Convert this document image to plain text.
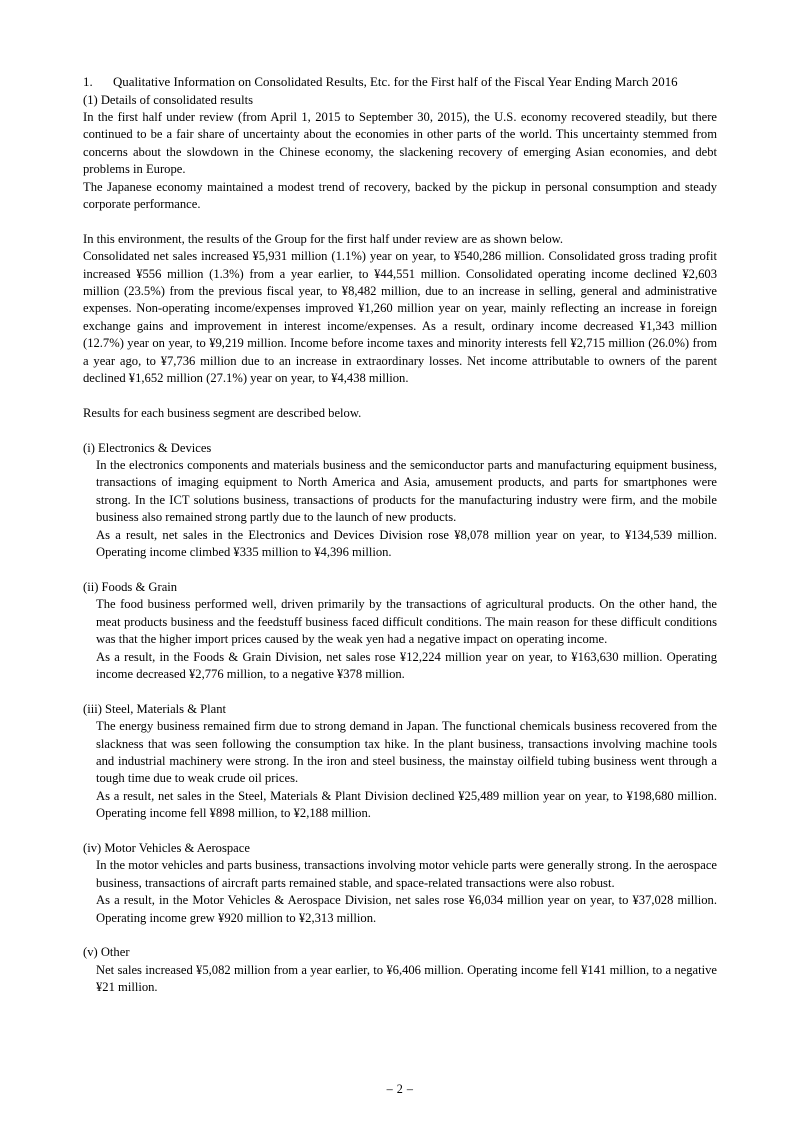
1. Qualitative Information on Consolidated Results, Etc. for the First half of the Fiscal Year Ending March 2016

(1) Details of consolidated results

In the first half under review (from April 1, 2015 to September 30, 2015), the U.S. economy recovered steadily, but there continued to be a fair share of uncertainty about the economies in other parts of the world. This uncertainty stemmed from concerns about the slowdown in the Chinese economy, the slackening recovery of emerging Asian economies, and debt problems in Europe.

The Japanese economy maintained a modest trend of recovery, backed by the pickup in personal consumption and steady corporate performance.

In this environment, the results of the Group for the first half under review are as shown below.

Consolidated net sales increased ¥5,931 million (1.1%) year on year, to ¥540,286 million. Consolidated gross trading profit increased ¥556 million (1.3%) from a year earlier, to ¥44,551 million. Consolidated operating income declined ¥2,603 million (23.5%) from the previous fiscal year, to ¥8,482 million, due to an increase in selling, general and administrative expenses. Non-operating income/expenses improved ¥1,260 million year on year, mainly reflecting an increase in foreign exchange gains and improvement in interest income/expenses. As a result, ordinary income decreased ¥1,343 million (12.7%) year on year, to ¥9,219 million. Income before income taxes and minority interests fell ¥2,715 million (26.0%) from a year ago, to ¥7,736 million due to an increase in extraordinary losses. Net income attributable to owners of the parent declined ¥1,652 million (27.1%) year on year, to ¥4,438 million.

Results for each business segment are described below.

(i) Electronics & Devices

In the electronics components and materials business and the semiconductor parts and manufacturing equipment business, transactions of imaging equipment to North America and Asia, amusement products, and parts for smartphones were strong. In the ICT solutions business, transactions of products for the manufacturing industry were firm, and the mobile business also remained strong partly due to the launch of new products.

As a result, net sales in the Electronics and Devices Division rose ¥8,078 million year on year, to ¥134,539 million. Operating income climbed ¥335 million to ¥4,396 million.

(ii) Foods & Grain

The food business performed well, driven primarily by the transactions of agricultural products. On the other hand, the meat products business and the feedstuff business faced difficult conditions. The main reason for these difficult conditions was that the higher import prices caused by the weak yen had a negative impact on operating income.

As a result, in the Foods & Grain Division, net sales rose ¥12,224 million year on year, to ¥163,630 million. Operating income decreased ¥2,776 million, to a negative ¥378 million.

(iii) Steel, Materials & Plant

The energy business remained firm due to strong demand in Japan. The functional chemicals business recovered from the slackness that was seen following the consumption tax hike. In the plant business, transactions involving machine tools and industrial machinery were strong. In the iron and steel business, the mainstay oilfield tubing business went through a tough time due to weak crude oil prices.

As a result, net sales in the Steel, Materials & Plant Division declined ¥25,489 million year on year, to ¥198,680 million. Operating income fell ¥898 million, to ¥2,188 million.

(iv) Motor Vehicles & Aerospace

In the motor vehicles and parts business, transactions involving motor vehicle parts were generally strong. In the aerospace business, transactions of aircraft parts remained stable, and space-related transactions were also robust.

As a result, in the Motor Vehicles & Aerospace Division, net sales rose ¥6,034 million year on year, to ¥37,028 million. Operating income grew ¥920 million to ¥2,313 million.

(v) Other

Net sales increased ¥5,082 million from a year earlier, to ¥6,406 million. Operating income fell ¥141 million, to a negative ¥21 million.

– 2 –
